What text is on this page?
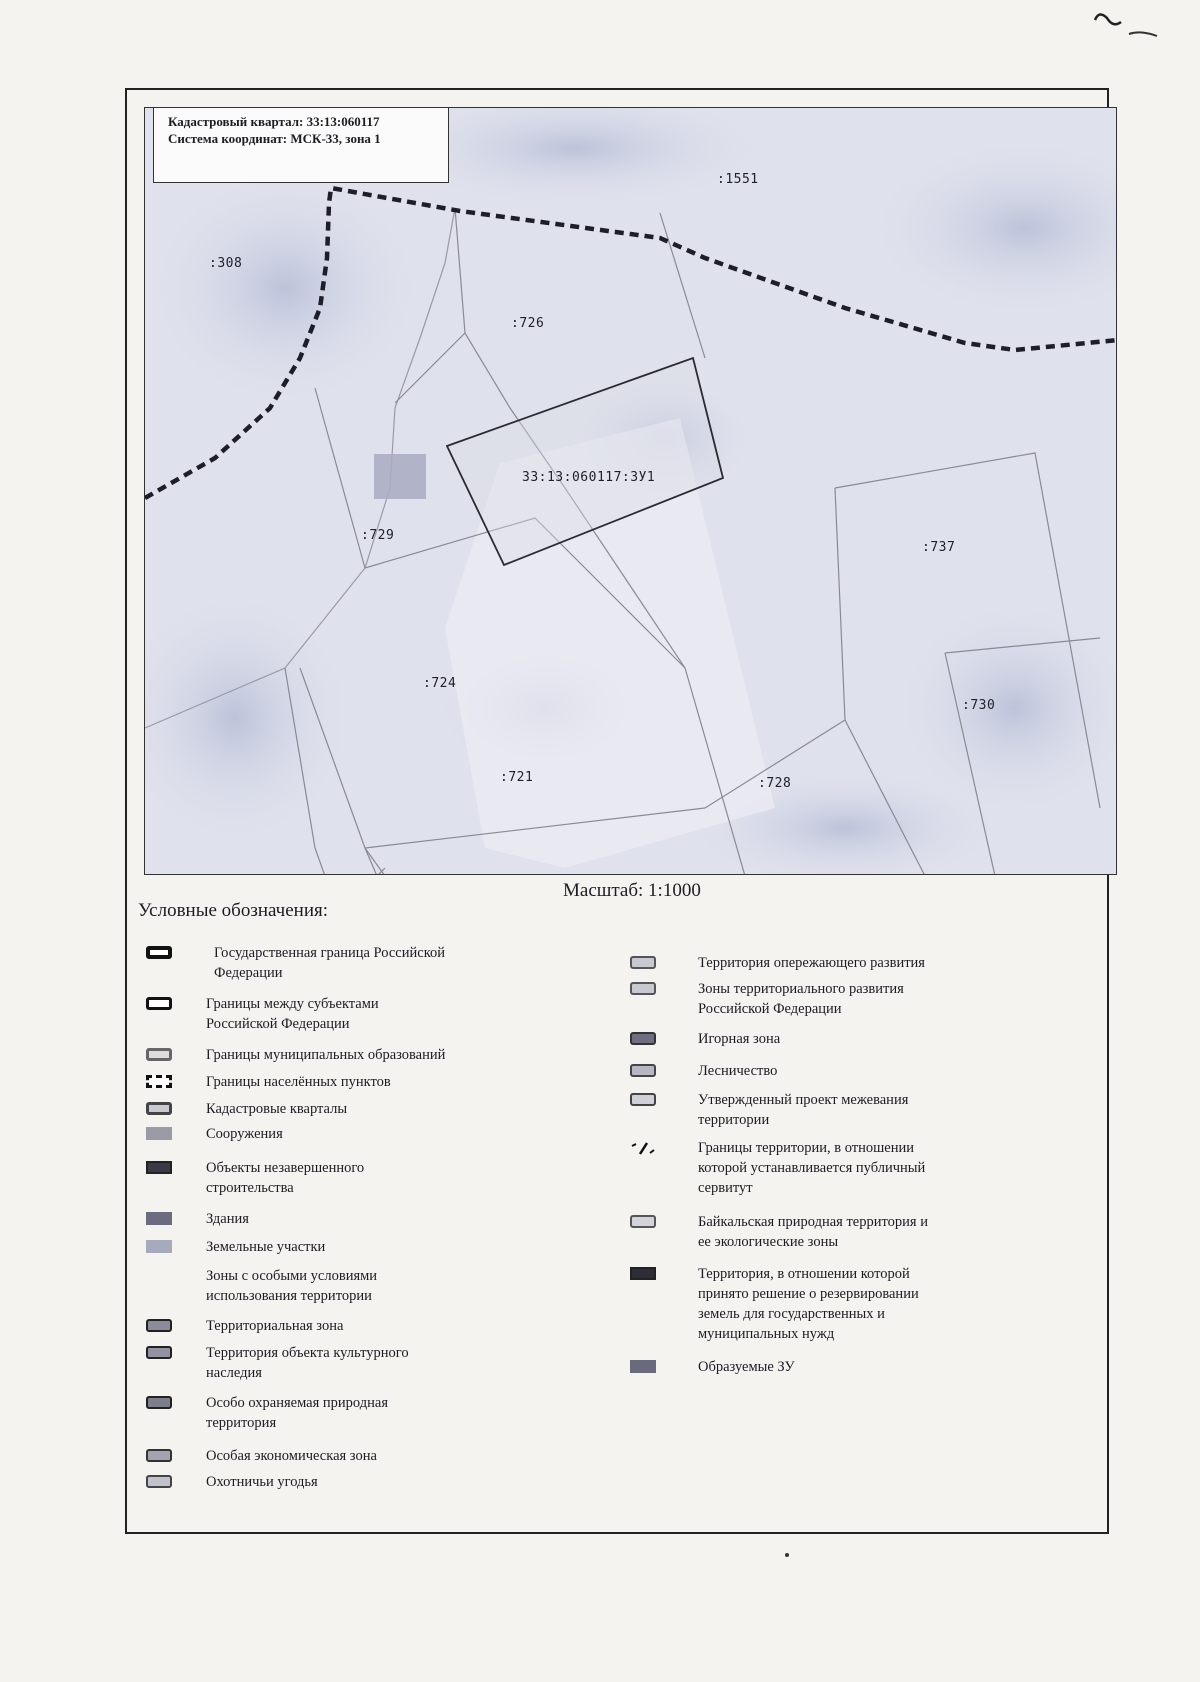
:1551
:308
:726
33:13:060117:ЗУ1
:729
:737
:724
:730
:721	:728
Кадастровый квартал: 33:13:060117
Система координат: МСК-33, зона 1
Масштаб: 1:1000
Условные обозначения:
Государственная граница Российской
Федерации
Границы между субъектами
Российской Федерации
Границы муниципальных образований
Границы населённых пунктов
Кадастровые кварталы
Сооружения
Объекты незавершенного
строительства
Здания
Земельные участки
Зоны с особыми условиями
использования территории
Территориальная зона
Территория объекта культурного
наследия
Особо охраняемая природная
территория
Особая экономическая зона
Охотничьи угодья
Территория опережающего развития
Зоны территориального развития
Российской Федерации
Игорная зона
Лесничество
Утвержденный проект межевания
территории
Границы территории, в отношении
которой устанавливается публичный
сервитут
Байкальская природная территория и
ее экологические зоны
Территория, в отношении которой
принято решение о резервировании
земель для государственных и
муниципальных нужд
Образуемые ЗУ
